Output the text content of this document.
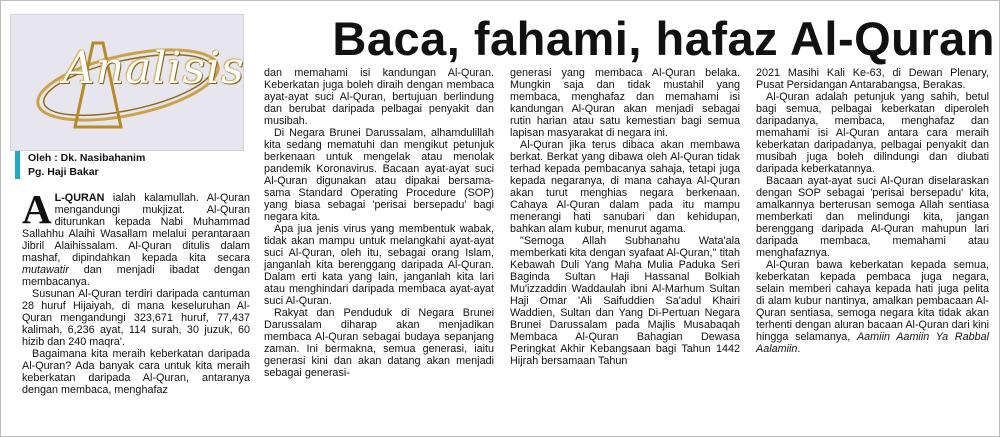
Analisis
Oleh : Dk. Nasibahanim
Pg. Haji Bakar
Baca, fahami, hafaz Al-Quran

A L-QURAN ialah kalamullah. Al-Quran mengandungi mukjizat. Al-Quran diturunkan kepada Nabi Muhammad Sallahhu Alaihi Wasallam melalui perantaraan Jibril Alaihissalam. Al-Quran ditulis dalam mashaf, dipindahkan kepada kita secara mutawatir dan menjadi ibadat dengan membacanya.

Susunan Al-Quran terdiri daripada cantuman 28 huruf Hijaiyah, di mana keseluruhan Al-Quran mengandungi 323,671 huruf, 77,437 kalimah, 6,236 ayat, 114 surah, 30 juzuk, 60 hizib dan 240 maqra'.

Bagaimana kita meraih keberkatan daripada Al-Quran? Ada banyak cara untuk kita meraih keberkatan daripada Al-Quran, antaranya dengan membaca, menghafaz

dan memahami isi kandungan Al-Quran. Keberkatan juga boleh diraih dengan membaca ayat-ayat suci Al-Quran, bertujuan berlindung dan berubat daripada pelbagai penyakit dan musibah.

Di Negara Brunei Darussalam, alhamdulillah kita sedang mematuhi dan mengikut petunjuk berkenaan untuk mengelak atau menolak pandemik Koronavirus. Bacaan ayat-ayat suci Al-Quran digunakan atau dipakai bersama-sama Standard Operating Procedure (SOP) yang biasa sebagai 'perisai bersepadu' bagi negara kita.

Apa jua jenis virus yang membentuk wabak, tidak akan mampu untuk melangkahi ayat-ayat suci Al-Quran, oleh itu, sebagai orang Islam, janganlah kita berenggang daripada Al-Quran. Dalam erti kata yang lain, janganlah kita lari atau menghindari daripada membaca ayat-ayat suci Al-Quran.

Rakyat dan Penduduk di Negara Brunei Darussalam diharap akan menjadikan membaca Al-Quran sebagai budaya sepanjang zaman. Ini bermakna, semua generasi, iaitu generasi kini dan akan datang akan menjadi sebagai generasi-

generasi yang membaca Al-Quran belaka. Mungkin saja dan tidak mustahil yang membaca, menghafaz dan memahami isi kandungan Al-Quran akan menjadi sebagai rutin harian atau satu kemestian bagi semua lapisan masyarakat di negara ini.

Al-Quran jika terus dibaca akan membawa berkat. Berkat yang dibawa oleh Al-Quran tidak terhad kepada pembacanya sahaja, tetapi juga kepada negaranya, di mana cahaya Al-Quran akan turut menghias negara berkenaan. Cahaya Al-Quran dalam pada itu mampu menerangi hati sanubari dan kehidupan, bahkan alam kubur, menurut agama.

"Semoga Allah Subhanahu Wata'ala memberkati kita dengan syafaat Al-Quran," titah Kebawah Duli Yang Maha Mulia Paduka Seri Baginda Sultan Haji Hassanal Bolkiah Mu'izzaddin Waddaulah ibni Al-Marhum Sultan Haji Omar 'Ali Saifuddien Sa'adul Khairi Waddien, Sultan dan Yang Di-Pertuan Negara Brunei Darussalam pada Majlis Musabaqah Membaca Al-Quran Bahagian Dewasa Peringkat Akhir Kebangsaan bagi Tahun 1442 Hijrah bersamaan Tahun

2021 Masihi Kali Ke-63, di Dewan Plenary, Pusat Persidangan Antarabangsa, Berakas.

Al-Quran adalah petunjuk yang sahih, betul bagi semua, pelbagai keberkatan diperoleh daripadanya, membaca, menghafaz dan memahami isi Al-Quran antara cara meraih keberkatan daripadanya, pelbagai penyakit dan musibah juga boleh dilindungi dan diubati daripada keberkatannya.

Bacaan ayat-ayat suci Al-Quran diselaraskan dengan SOP sebagai 'perisai bersepadu' kita, amalkannya berterusan semoga Allah sentiasa memberkati dan melindungi kita, jangan berenggang daripada Al-Quran mahupun lari daripada membaca, memahami atau menghafaznya.

Al-Quran bawa keberkatan kepada semua, keberkatan kepada pembaca juga negara, selain memberi cahaya kepada hati juga pelita di alam kubur nantinya, amalkan pembacaan Al-Quran sentiasa, semoga negara kita tidak akan terhenti dengan aluran bacaan Al-Quran dari kini hingga selamanya, Aamiin Aamiin Ya Rabbal Aalamiin.
